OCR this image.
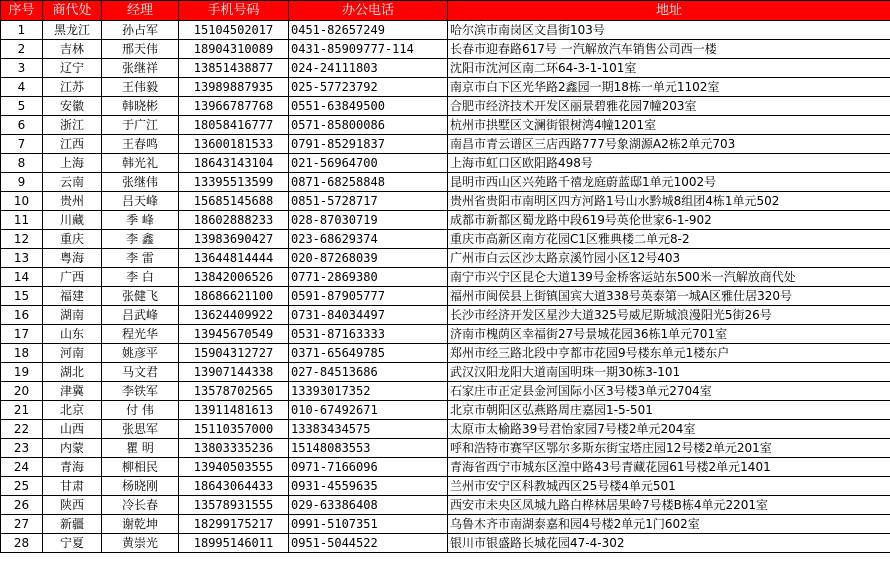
序号	商代处	经理	手机号码	办公电话	地址
1	黑龙江	孙占军	15104502017	0451-82657249	哈尔滨市南岗区文昌街103号
2	吉林	邢天伟	18904310089	0431-85909777-114	长春市迎春路617号 一汽解放汽车销售公司西一楼
3	辽宁	张继祥	13851438877	024-24111803	沈阳市沈河区南二环64-3-1-101室
4	江苏	王伟毅	13989887935	025-57723792	南京市白下区光华路2鑫园一期18栋一单元1102室
5	安徽	韩晓彬	13966787768	0551-63849500	合肥市经济技术开发区丽景碧雅花园7幢203室
6	浙江	于广江	18058416777	0571-85800086	杭州市拱墅区文澜街银树湾4幢1201室
7	江西	王春鸣	13600181533	0791-85291837	南昌市青云谱区三店西路777号象湖源A2栋2单元703
8	上海	韩光礼	18643143104	021-56964700	上海市虹口区欧阳路498号
9	云南	张继伟	13395513599	0871-68258848	昆明市西山区兴苑路千禧龙庭蔚蓝邸1单元1002号
10	贵州	吕天峰	15685145688	0851-5728717	贵州省贵阳市南明区四方河路1号山水黔城8组团4栋1单元502
11	川藏	季 峰	18602888233	028-87030719	成都市新都区蜀龙路中段619号英伦世家6-1-902
12	重庆	李 鑫	13983690427	023-68629374	重庆市高新区南方花园C1区雅典楼二单元8-2
13	粤海	李 雷	13644814444	020-87268039	广州市白云区沙太路京溪竹园小区12号403
14	广西	李 白	13842006526	0771-2869380	南宁市兴宁区昆仑大道139号金桥客运站东500米一汽解放商代处
15	福建	张健飞	18686621100	0591-87905777	福州市闽侯县上街镇国宾大道338号英泰第一城A区雅仕居320号
16	湖南	吕武峰	13624409922	0731-84034497	长沙市经济开发区星沙大道325号威尼斯城浪漫阳光5街26号
17	山东	程光华	13945670549	0531-87163333	济南市槐荫区幸福街27号景城花园36栋1单元701室
18	河南	姚彦平	15904312727	0371-65649785	郑州市经三路北段中亨都市花园9号楼东单元1楼东户
19	湖北	马文君	13907144338	027-84513686	武汉汉阳龙阳大道南国明珠一期30栋3-101
20	津冀	李铁军	13578702565	13393017352	石家庄市正定县金河国际小区3号楼3单元2704室
21	北京	付 伟	13911481613	010-67492671	北京市朝阳区弘燕路周庄嘉园1-5-501
22	山西	张思军	15110357000	13383434575	太原市太榆路39号君怡家园7号楼2单元204室
23	内蒙	瞿 明	13803335236	15148083553	呼和浩特市赛罕区鄂尔多斯东街宝塔庄园12号楼2单元201室
24	青海	柳相民	13940503555	0971-7166096	青海省西宁市城东区湟中路43号青藏花园61号楼2单元1401
25	甘肃	杨晓刚	18643064433	0931-4559635	兰州市安宁区科教城西区25号楼4单元501
26	陕西	冷长春	13578931555	029-63386408	西安市未央区凤城九路白桦林居果岭7号楼B栋4单元2201室
27	新疆	谢乾坤	18299175217	0991-5107351	乌鲁木齐市南湖泰嘉和园4号楼2单元1门602室
28	宁夏	黄崇光	18995146011	0951-5044522	银川市银盛路长城花园47-4-302
